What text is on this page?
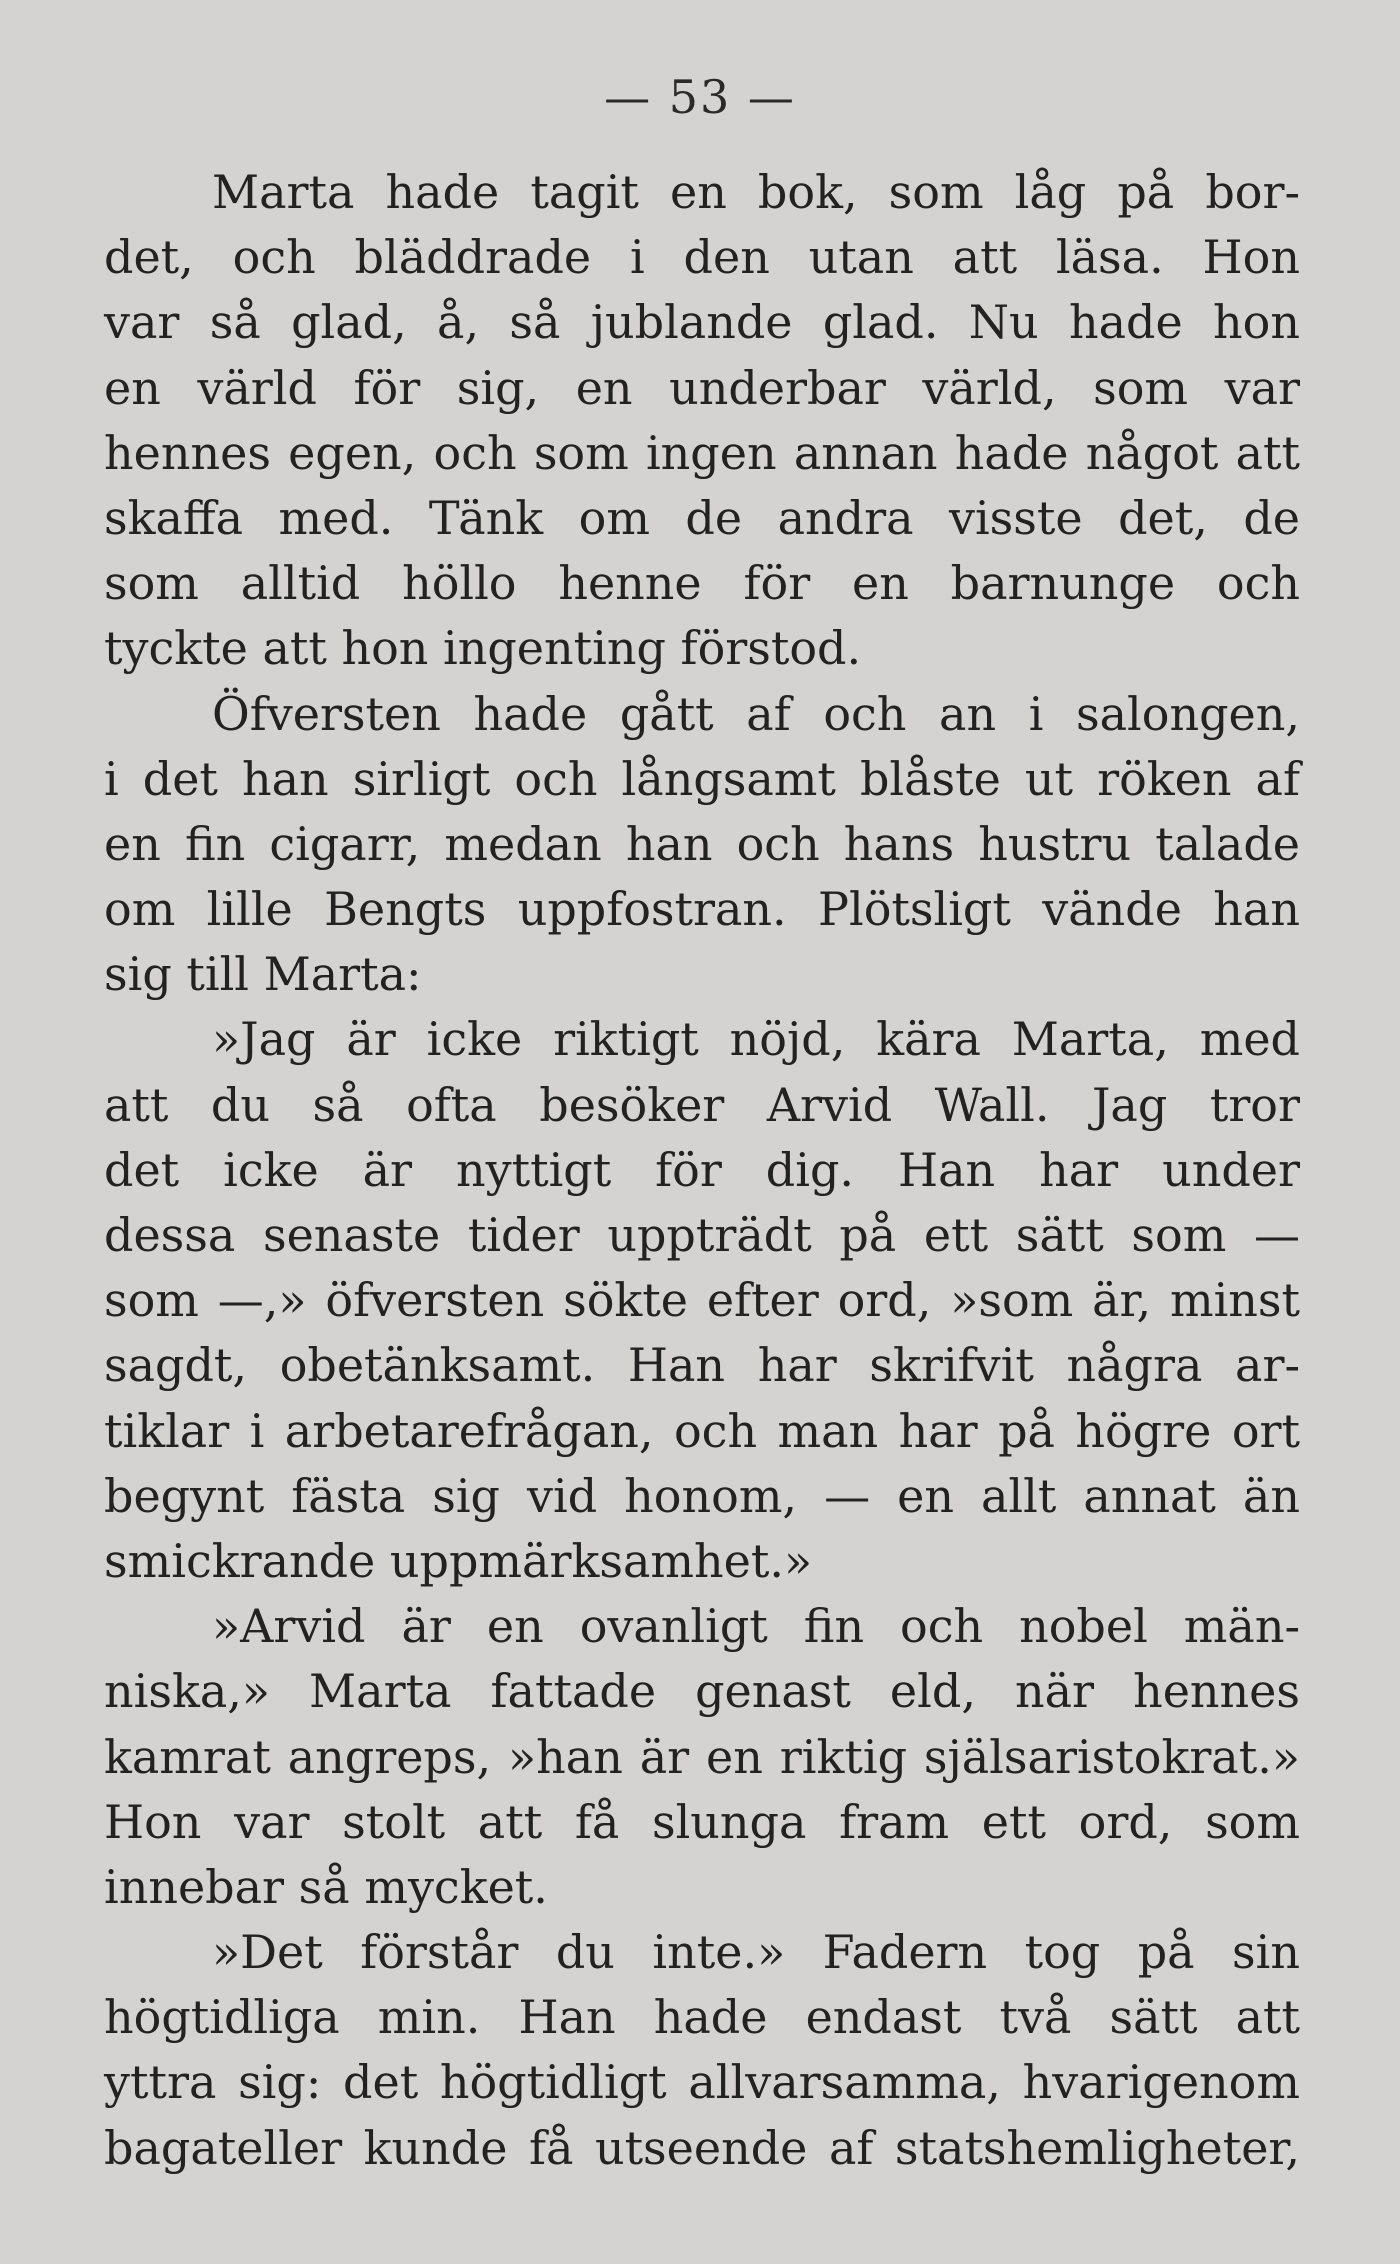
— 53 —
Marta hade tagit en bok, som låg på bor-
det, och bläddrade i den utan att läsa. Hon
var så glad, å, så jublande glad. Nu hade hon
en värld för sig, en underbar värld, som var
hennes egen, och som ingen annan hade något att
skaffa med. Tänk om de andra visste det, de
som alltid höllo henne för en barnunge och
tyckte att hon ingenting förstod.
Öfversten hade gått af och an i salongen,
i det han sirligt och långsamt blåste ut röken af
en fin cigarr, medan han och hans hustru talade
om lille Bengts uppfostran. Plötsligt vände han
sig till Marta:
»Jag är icke riktigt nöjd, kära Marta, med
att du så ofta besöker Arvid Wall. Jag tror
det icke är nyttigt för dig. Han har under
dessa senaste tider uppträdt på ett sätt som —
som —,» öfversten sökte efter ord, »som är, minst
sagdt, obetänksamt. Han har skrifvit några ar-
tiklar i arbetarefrågan, och man har på högre ort
begynt fästa sig vid honom, — en allt annat än
smickrande uppmärksamhet.»
»Arvid är en ovanligt fin och nobel män-
niska,» Marta fattade genast eld, när hennes
kamrat angreps, »han är en riktig själsaristokrat.»
Hon var stolt att få slunga fram ett ord, som
innebar så mycket.
»Det förstår du inte.» Fadern tog på sin
högtidliga min. Han hade endast två sätt att
yttra sig: det högtidligt allvarsamma, hvarigenom
bagateller kunde få utseende af statshemligheter,
